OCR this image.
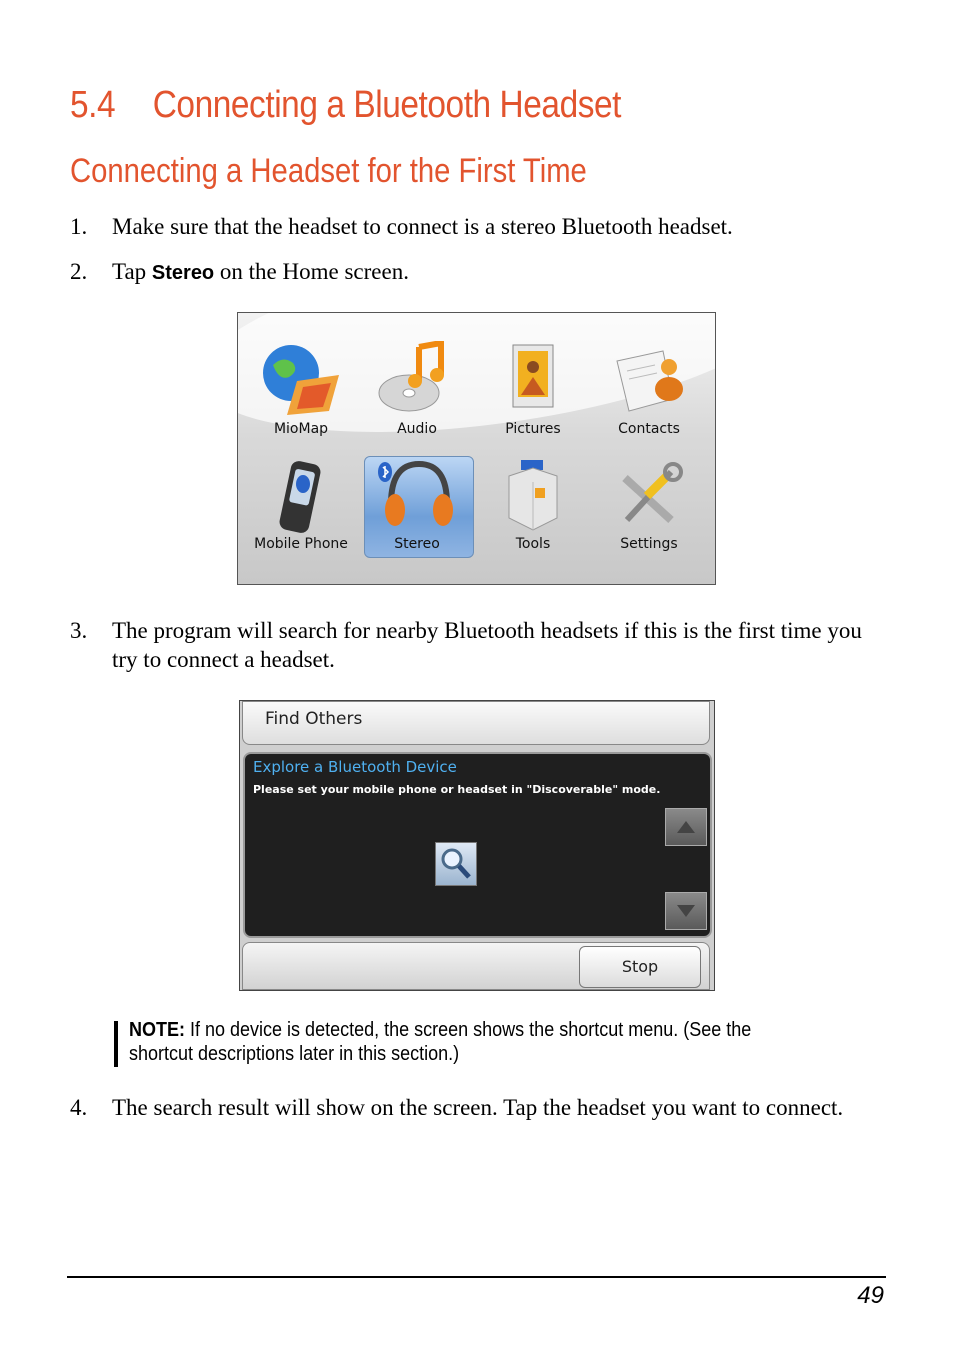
5.4 Connecting a Bluetooth Headset
Connecting a Headset for the First Time
1. Make sure that the headset to connect is a stereo Bluetooth headset.
2. Tap Stereo on the Home screen.
MioMap	Audio	Pictures	Contacts
Mobile Phone	Stereo	Tools	Settings
3. The program will search for nearby Bluetooth headsets if this is the first time you try to connect a headset.
Find Others
Explore a Bluetooth Device
Please set your mobile phone or headset in "Discoverable" mode.
Stop
NOTE: If no device is detected, the screen shows the shortcut menu. (See the shortcut descriptions later in this section.)
4. The search result will show on the screen. Tap the headset you want to connect.
49
